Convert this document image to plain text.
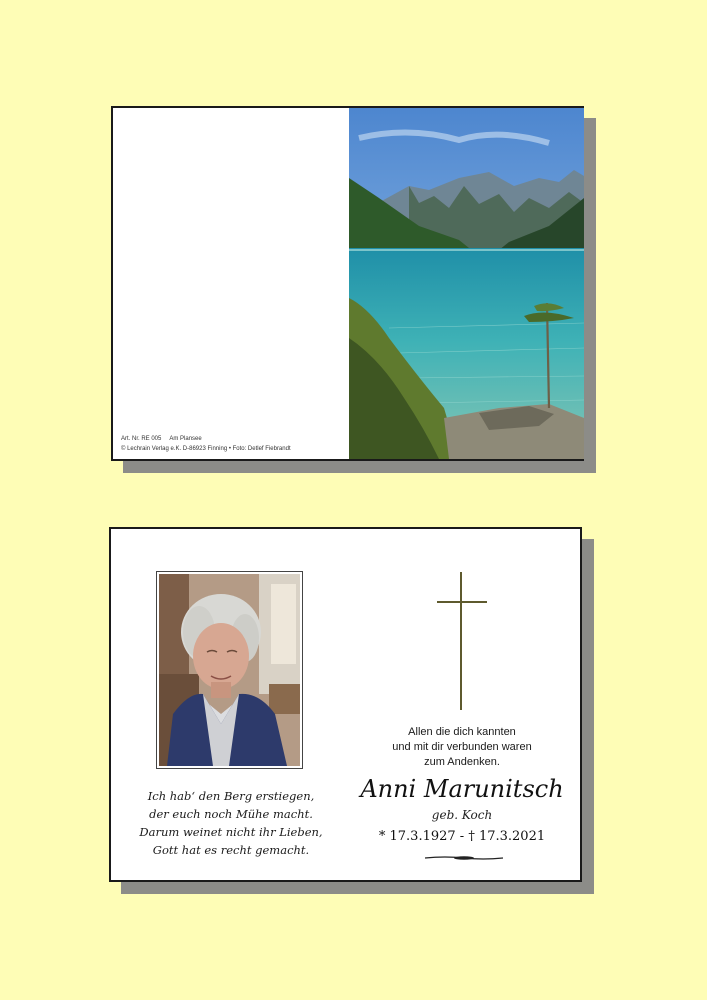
Art. Nr. RE 005 Am Plansee
© Lechrain Verlag e.K. D-86923 Finning • Foto: Detlef Fiebrandt
Ich hab‘ den Berg erstiegen,
der euch noch Mühe macht.
Darum weinet nicht ihr Lieben,
Gott hat es recht gemacht.
Allen die dich kannten
und mit dir verbunden waren
zum Andenken.
Anni Marunitsch
geb. Koch
* 17.3.1927 - † 17.3.2021
